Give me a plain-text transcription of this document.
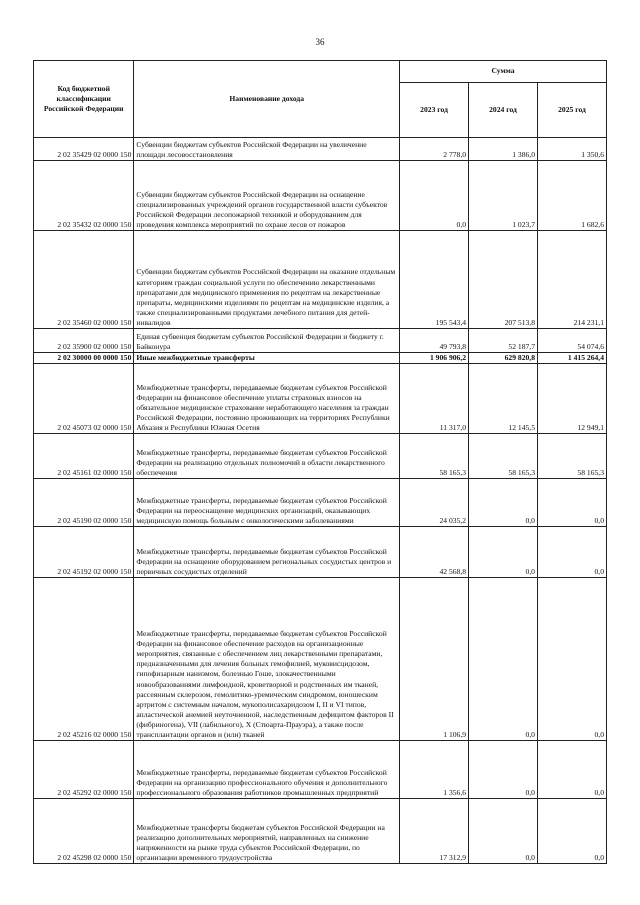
36
Код бюджетной классификации Российской Федерации	Наименование дохода	Сумма		
		2023 год	2024 год	2025 год
2 02 35429 02 0000 150	Субвенции бюджетам субъектов Российской Федерации на увеличение площади лесовосстановления	2 778,0	1 386,0	1 350,6
2 02 35432 02 0000 150	Субвенции бюджетам субъектов Российской Федерации на оснащение специализированных учреждений органов государственной власти субъектов Российской Федерации лесопожарной техникой и оборудованием для проведения комплекса мероприятий по охране лесов от пожаров	0,0	1 023,7	1 682,6
2 02 35460 02 0000 150	Субвенции бюджетам субъектов Российской Федерации на оказание отдельным категориям граждан социальной услуги по обеспечению лекарственными препаратами для медицинского применения по рецептам на лекарственные препараты, медицинскими изделиями по рецептам на медицинские изделия, а также специализированными продуктами лечебного питания для детей-инвалидов	195 543,4	207 513,8	214 231,1
2 02 35900 02 0000 150	Единая субвенция бюджетам субъектов Российской Федерации и бюджету г. Байконура	49 793,8	52 187,7	54 074,6
2 02 30000 00 0000 150	Иные межбюджетные трансферты	1 906 906,2	629 820,8	1 415 264,4
2 02 45073 02 0000 150	Межбюджетные трансферты, передаваемые бюджетам субъектов Российской Федерации на финансовое обеспечение уплаты страховых взносов на обязательное медицинское страхование неработающего населения за граждан Российской Федерации, постоянно проживающих на территориях Республики Абхазия и Республики Южная Осетия	11 317,0	12 145,5	12 949,1
2 02 45161 02 0000 150	Межбюджетные трансферты, передаваемые бюджетам субъектов Российской Федерации на реализацию отдельных полномочий в области лекарственного обеспечения	58 165,3	58 165,3	58 165,3
2 02 45190 02 0000 150	Межбюджетные трансферты, передаваемые бюджетам субъектов Российской Федерации на переоснащение медицинских организаций, оказывающих медицинскую помощь больным с онкологическими заболеваниями	24 035,2	0,0	0,0
2 02 45192 02 0000 150	Межбюджетные трансферты, передаваемые бюджетам субъектов Российской Федерации на оснащение оборудованием региональных сосудистых центров и первичных сосудистых отделений	42 568,8	0,0	0,0
2 02 45216 02 0000 150	Межбюджетные трансферты, передаваемые бюджетам субъектов Российской Федерации на финансовое обеспечение расходов на организационные мероприятия, связанные с обеспечением лиц лекарственными препаратами, предназначенными для лечения больных гемофилией, муковисцидозом, гипофизарным нанизмом, болезнью Гоше, злокачественными новообразованиями лимфоидной, кроветворной и родственных им тканей, рассеянным склерозом, гемолитико-уремическим синдромом, юношеским артритом с системным началом, мукополисахаридозом I, II и VI типов, апластической анемией неуточненной, наследственным дефицитом факторов II (фибриногена), VII (лабильного), X (Стюарта-Прауэра), а также после трансплантации органов и (или) тканей	1 106,9	0,0	0,0
2 02 45292 02 0000 150	Межбюджетные трансферты, передаваемые бюджетам субъектов Российской Федерации на организацию профессионального обучения и дополнительного профессионального образования работников промышленных предприятий	1 356,6	0,0	0,0
2 02 45298 02 0000 150	Межбюджетные трансферты бюджетам субъектов Российской Федерации на реализацию дополнительных мероприятий, направленных на снижение напряженности на рынке труда субъектов Российской Федерации, по организации временного трудоустройства	17 312,9	0,0	0,0
